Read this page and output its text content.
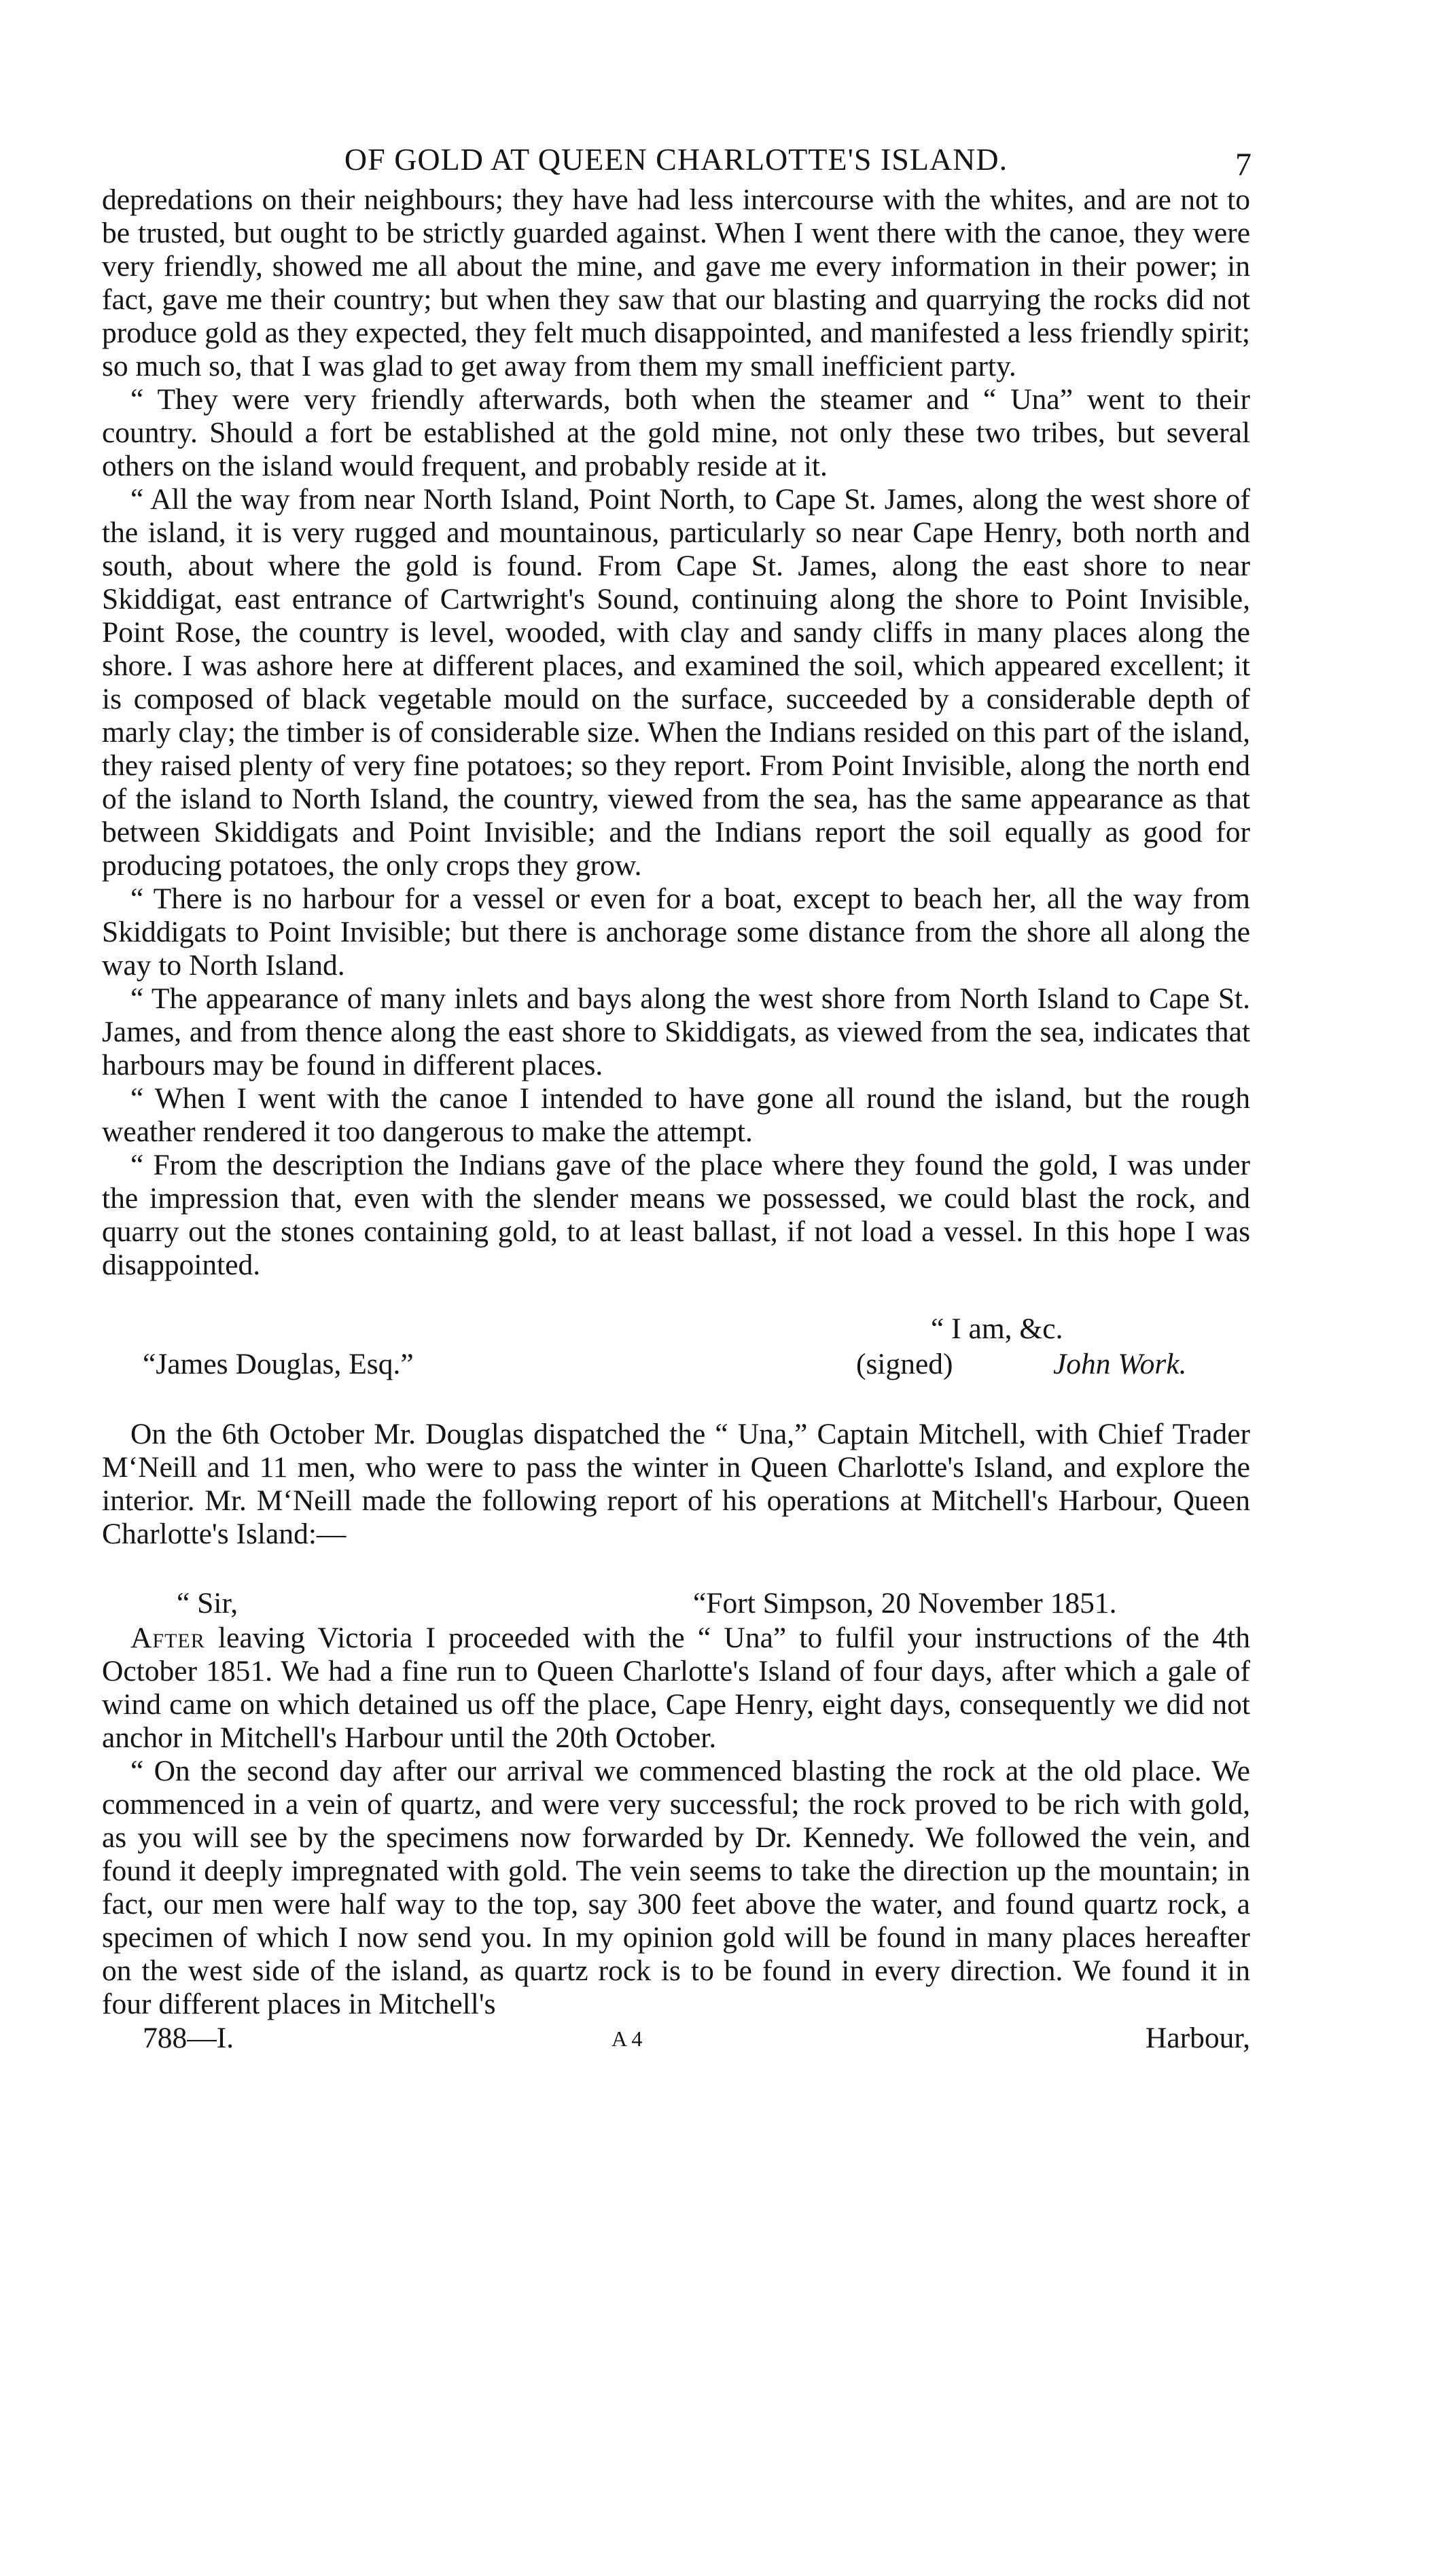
OF GOLD AT QUEEN CHARLOTTE'S ISLAND.	7

depredations on their neighbours; they have had less intercourse with the whites, and are not to be trusted, but ought to be strictly guarded against. When I went there with the canoe, they were very friendly, showed me all about the mine, and gave me every information in their power; in fact, gave me their country; but when they saw that our blasting and quarrying the rocks did not produce gold as they expected, they felt much disappointed, and manifested a less friendly spirit; so much so, that I was glad to get away from them my small inefficient party.

“ They were very friendly afterwards, both when the steamer and “ Una” went to their country. Should a fort be established at the gold mine, not only these two tribes, but several others on the island would frequent, and probably reside at it.

“ All the way from near North Island, Point North, to Cape St. James, along the west shore of the island, it is very rugged and mountainous, particularly so near Cape Henry, both north and south, about where the gold is found. From Cape St. James, along the east shore to near Skiddigat, east entrance of Cartwright's Sound, continuing along the shore to Point Invisible, Point Rose, the country is level, wooded, with clay and sandy cliffs in many places along the shore. I was ashore here at different places, and examined the soil, which appeared excellent; it is composed of black vegetable mould on the surface, succeeded by a considerable depth of marly clay; the timber is of considerable size. When the Indians resided on this part of the island, they raised plenty of very fine potatoes; so they report. From Point Invisible, along the north end of the island to North Island, the country, viewed from the sea, has the same appearance as that between Skiddigats and Point Invisible; and the Indians report the soil equally as good for producing potatoes, the only crops they grow.

“ There is no harbour for a vessel or even for a boat, except to beach her, all the way from Skiddigats to Point Invisible; but there is anchorage some distance from the shore all along the way to North Island.

“ The appearance of many inlets and bays along the west shore from North Island to Cape St. James, and from thence along the east shore to Skiddigats, as viewed from the sea, indicates that harbours may be found in different places.

“ When I went with the canoe I intended to have gone all round the island, but the rough weather rendered it too dangerous to make the attempt.

“ From the description the Indians gave of the place where they found the gold, I was under the impression that, even with the slender means we possessed, we could blast the rock, and quarry out the stones containing gold, to at least ballast, if not load a vessel. In this hope I was disappointed.

“ I am, &c.
“James Douglas, Esq.”	(signed)	John Work.

On the 6th October Mr. Douglas dispatched the “ Una,” Captain Mitchell, with Chief Trader M‘Neill and 11 men, who were to pass the winter in Queen Charlotte's Island, and explore the interior. Mr. M‘Neill made the following report of his operations at Mitchell's Harbour, Queen Charlotte's Island:—

“ Sir,	“Fort Simpson, 20 November 1851.

After leaving Victoria I proceeded with the “ Una” to fulfil your instructions of the 4th October 1851. We had a fine run to Queen Charlotte's Island of four days, after which a gale of wind came on which detained us off the place, Cape Henry, eight days, consequently we did not anchor in Mitchell's Harbour until the 20th October.

“ On the second day after our arrival we commenced blasting the rock at the old place. We commenced in a vein of quartz, and were very successful; the rock proved to be rich with gold, as you will see by the specimens now forwarded by Dr. Kennedy. We followed the vein, and found it deeply impregnated with gold. The vein seems to take the direction up the mountain; in fact, our men were half way to the top, say 300 feet above the water, and found quartz rock, a specimen of which I now send you. In my opinion gold will be found in many places hereafter on the west side of the island, as quartz rock is to be found in every direction. We found it in four different places in Mitchell's

788—I.	A 4	Harbour,
